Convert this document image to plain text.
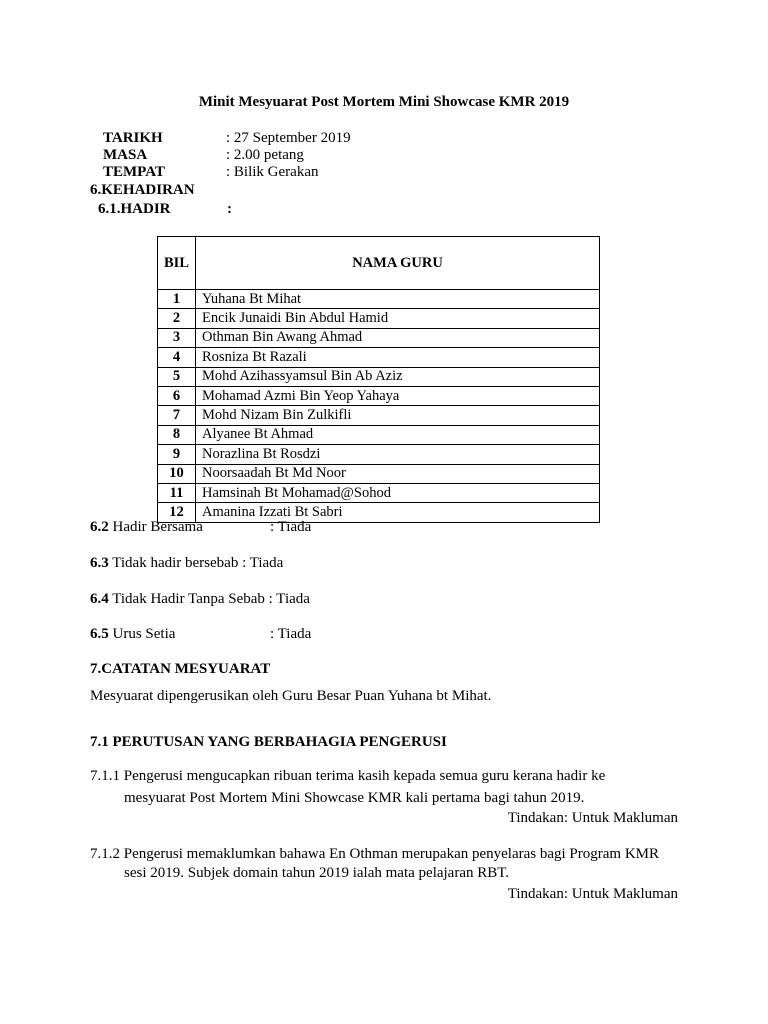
Minit Mesyuarat Post Mortem Mini Showcase KMR 2019
TARIKH	: 27 September 2019
MASA	: 2.00 petang
TEMPAT	: Bilik Gerakan
6.KEHADIRAN
6.1.HADIR	:
BIL	NAMA GURU
1	Yuhana Bt Mihat
2	Encik Junaidi Bin Abdul Hamid
3	Othman Bin Awang Ahmad
4	Rosniza Bt Razali
5	Mohd Azihassyamsul Bin Ab Aziz
6	Mohamad Azmi Bin Yeop Yahaya
7	Mohd Nizam Bin Zulkifli
8	Alyanee Bt Ahmad
9	Norazlina Bt Rosdzi
10	Noorsaadah Bt Md Noor
11	Hamsinah Bt Mohamad@Sohod
12	Amanina Izzati Bt Sabri
6.2 Hadir Bersama	: Tiada
6.3 Tidak hadir bersebab : Tiada
6.4 Tidak Hadir Tanpa Sebab : Tiada
6.5 Urus Setia	: Tiada
7.CATATAN MESYUARAT
Mesyuarat dipengerusikan oleh Guru Besar Puan Yuhana bt Mihat.
7.1 PERUTUSAN YANG BERBAHAGIA PENGERUSI
7.1.1 Pengerusi mengucapkan ribuan terima kasih kepada semua guru kerana hadir ke
mesyuarat Post Mortem Mini Showcase KMR kali pertama bagi tahun 2019.
Tindakan: Untuk Makluman
7.1.2 Pengerusi memaklumkan bahawa En Othman merupakan penyelaras bagi Program KMR
sesi 2019. Subjek domain tahun 2019 ialah mata pelajaran RBT.
Tindakan: Untuk Makluman
